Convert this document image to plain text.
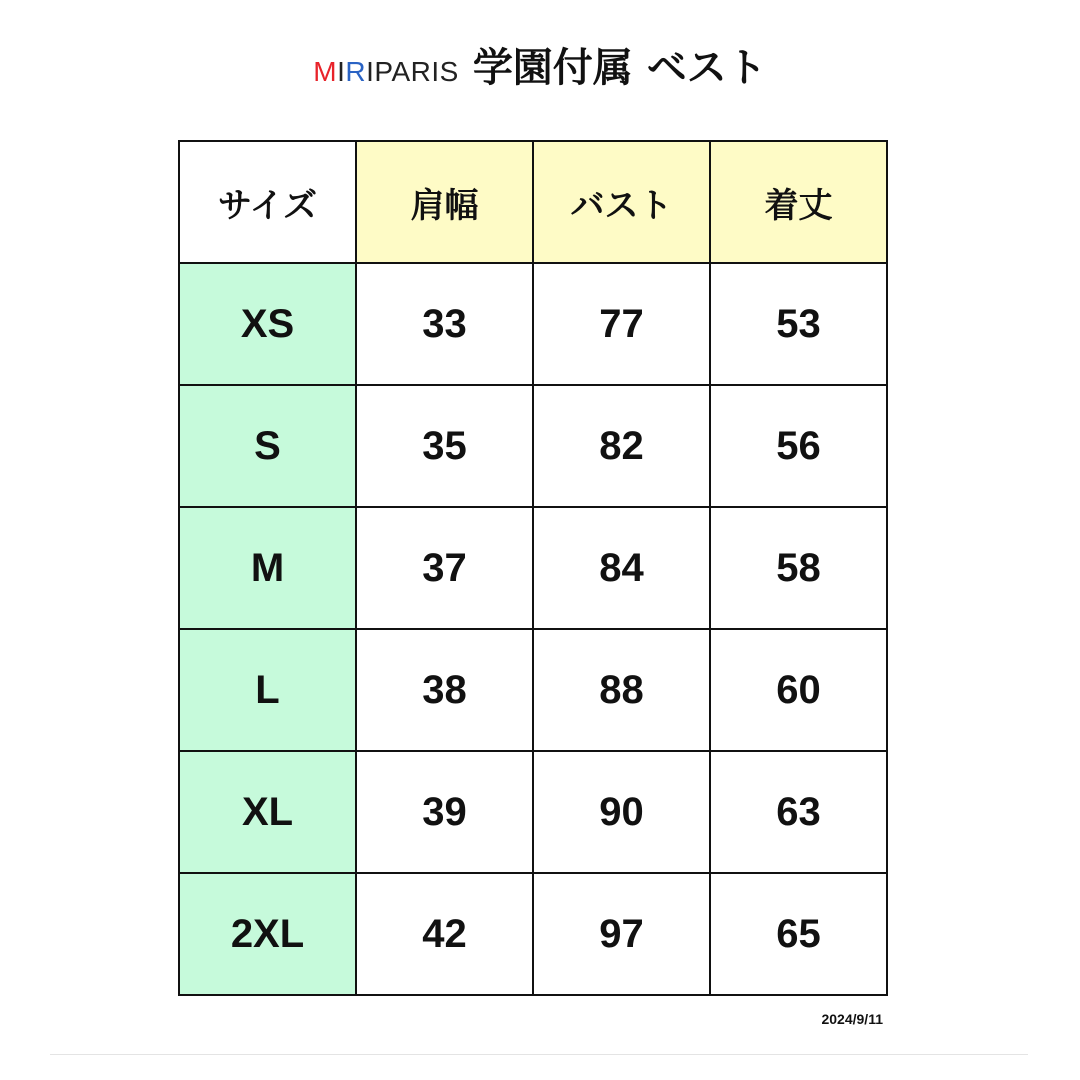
MIRIPARIS 学園付属 ベスト
サイズ	肩幅	バスト	着丈
XS	33	77	53
S	35	82	56
M	37	84	58
L	38	88	60
XL	39	90	63
2XL	42	97	65
2024/9/11
